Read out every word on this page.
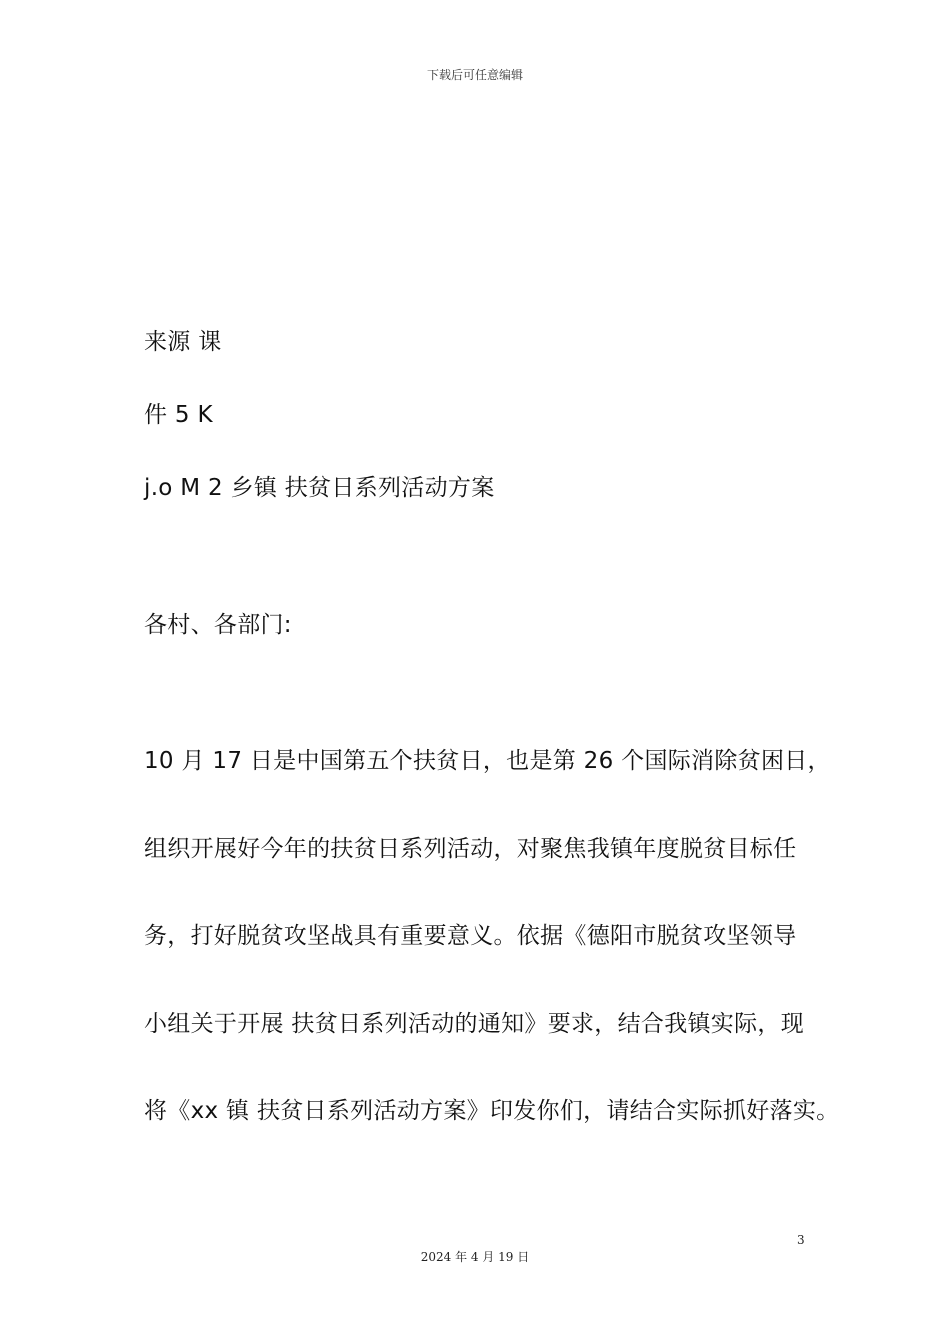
下载后可任意编辑
来源 课
件 5 K
j.o M 2 乡镇 扶贫日系列活动方案
各村、各部门:
10 月 17 日是中国第五个扶贫日，也是第 26 个国际消除贫困日，
组织开展好今年的扶贫日系列活动，对聚焦我镇年度脱贫目标任
务，打好脱贫攻坚战具有重要意义。依据《德阳市脱贫攻坚领导
小组关于开展 扶贫日系列活动的通知》要求，结合我镇实际，现
将《xx 镇 扶贫日系列活动方案》印发你们，请结合实际抓好落实。
3
2024 年 4 月 19 日
